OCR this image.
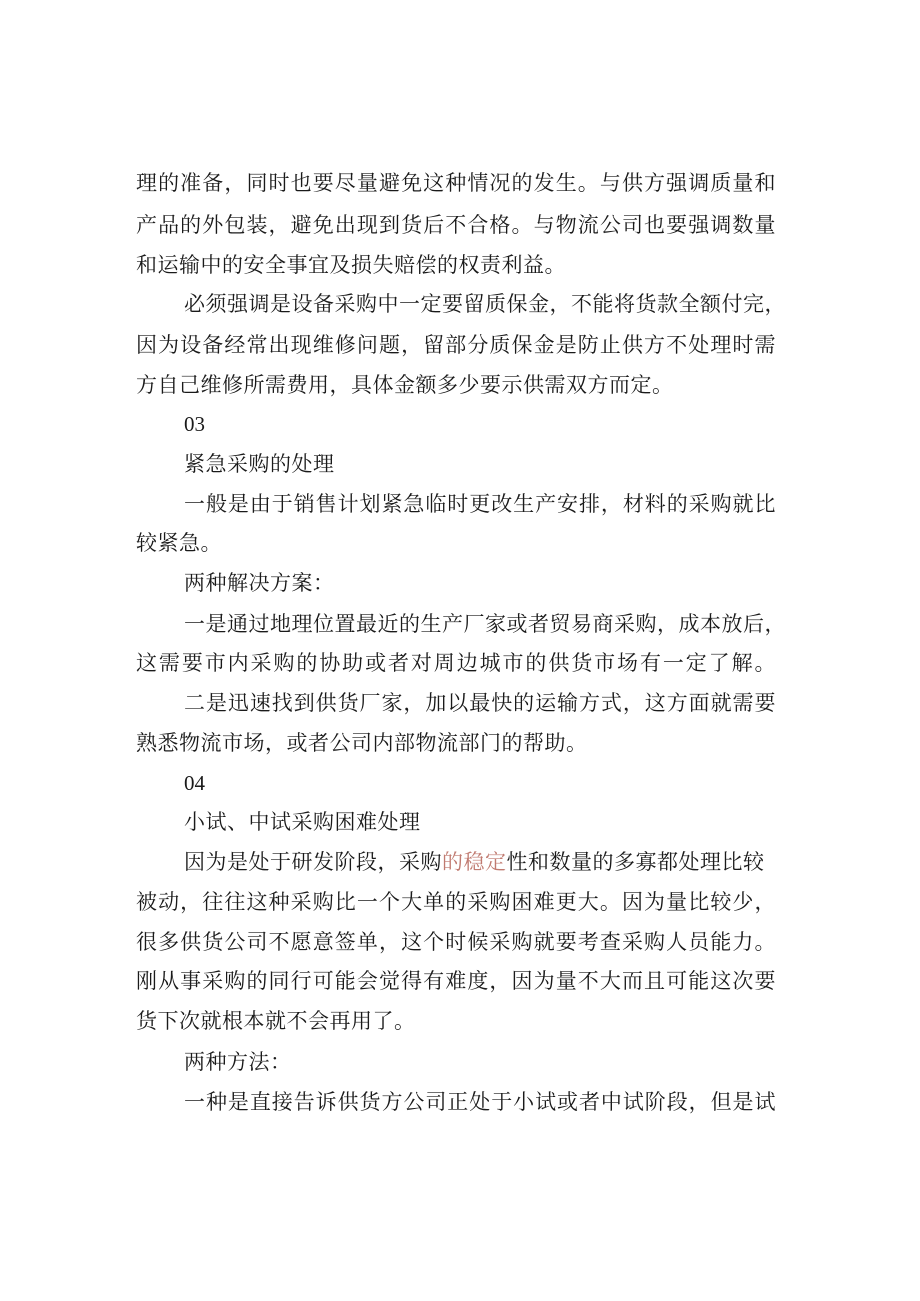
理的准备，同时也要尽量避免这种情况的发生。与供方强调质量和
产品的外包装，避免出现到货后不合格。与物流公司也要强调数量
和运输中的安全事宜及损失赔偿的权责利益。
必须强调是设备采购中一定要留质保金，不能将货款全额付完，
因为设备经常出现维修问题，留部分质保金是防止供方不处理时需
方自己维修所需费用，具体金额多少要示供需双方而定。
03
紧急采购的处理
一般是由于销售计划紧急临时更改生产安排，材料的采购就比
较紧急。
两种解决方案：
一是通过地理位置最近的生产厂家或者贸易商采购，成本放后，
这需要市内采购的协助或者对周边城市的供货市场有一定了解。
二是迅速找到供货厂家，加以最快的运输方式，这方面就需要
熟悉物流市场，或者公司内部物流部门的帮助。
04
小试、中试采购困难处理
因为是处于研发阶段，采购的稳定性和数量的多寡都处理比较
被动，往往这种采购比一个大单的采购困难更大。因为量比较少，
很多供货公司不愿意签单，这个时候采购就要考查采购人员能力。
刚从事采购的同行可能会觉得有难度，因为量不大而且可能这次要
货下次就根本就不会再用了。
两种方法：
一种是直接告诉供货方公司正处于小试或者中试阶段，但是试
